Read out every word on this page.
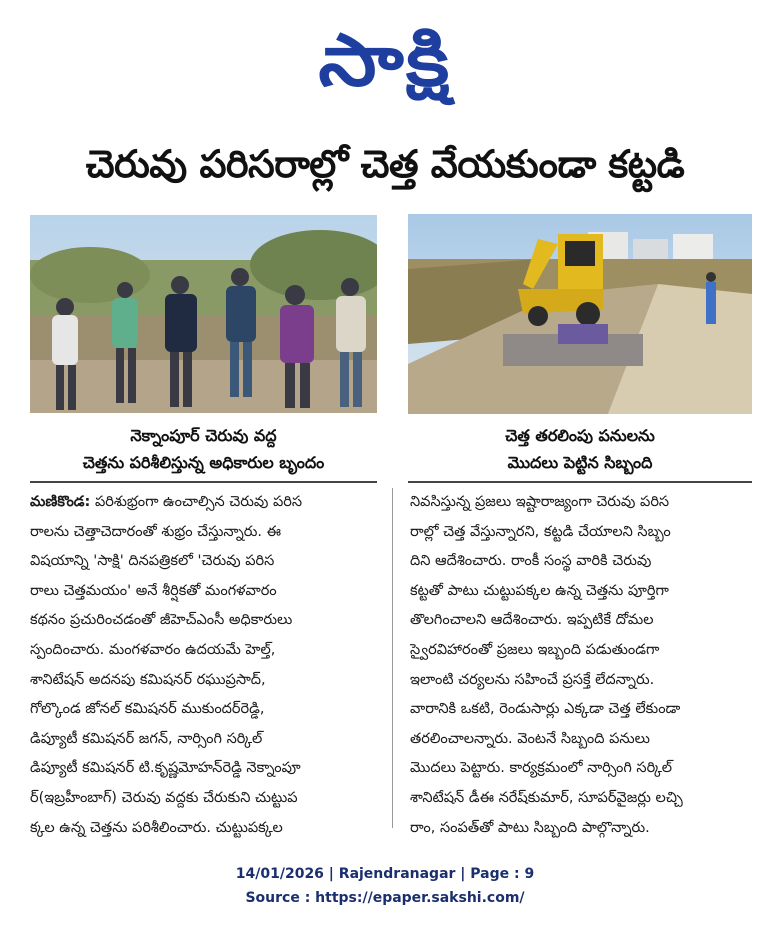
సాక్షి
చెరువు పరిసరాల్లో చెత్త వేయకుండా కట్టడి
నెక్నాంపూర్ చెరువు వద్ద
చెత్తను పరిశీలిస్తున్న అధికారుల బృందం
చెత్త తరలింపు పనులను
మొదలు పెట్టిన సిబ్బంది

మణికొండ: పరిశుభ్రంగా ఉంచాల్సిన చెరువు పరిస

రాలను చెత్తాచెదారంతో శుభ్రం చేస్తున్నారు. ఈ

విషయాన్ని 'సాక్షి' దినపత్రికలో 'చెరువు పరిస

రాలు చెత్తమయం' అనే శీర్షికతో మంగళవారం

కథనం ప్రచురించడంతో జీహెచ్ఎంసీ అధికారులు

స్పందించారు. మంగళవారం ఉదయమే హెల్త్,

శానిటేషన్ అదనపు కమిషనర్ రఘుప్రసాద్,

గోల్కొండ జోనల్ కమిషనర్ ముకుందర్‌రెడ్డి,

డిప్యూటీ కమిషనర్ జగన్, నార్సింగి సర్కిల్

డిప్యూటీ కమిషనర్ టి.కృష్ణమోహన్‌రెడ్డి నెక్నాంపూ

ర్(ఇబ్రహీంబాగ్) చెరువు వద్దకు చేరుకుని చుట్టుప

క్కల ఉన్న చెత్తను పరిశీలించారు. చుట్టుపక్కల

నివసిస్తున్న ప్రజలు ఇష్టారాజ్యంగా చెరువు పరిస

రాల్లో చెత్త వేస్తున్నారని, కట్టడి చేయాలని సిబ్బం

దిని ఆదేశించారు. రాంకీ సంస్థ వారికి చెరువు

కట్టతో పాటు చుట్టుపక్కల ఉన్న చెత్తను పూర్తిగా

తొలగించాలని ఆదేశించారు. ఇప్పటికే దోమల

స్వైరవిహారంతో ప్రజలు ఇబ్బంది పడుతుండగా

ఇలాంటి చర్యలను సహించే ప్రసక్తే లేదన్నారు.

వారానికి ఒకటి, రెండుసార్లు ఎక్కడా చెత్త లేకుండా

తరలించాలన్నారు. వెంటనే సిబ్బంది పనులు

మొదలు పెట్టారు. కార్యక్రమంలో నార్సింగి సర్కిల్

శానిటేషన్ డీఈ నరేష్‌కుమార్, సూపర్‌వైజర్లు లచ్చి

రాం, సంపత్‌తో పాటు సిబ్బంది పాల్గొన్నారు.

14/01/2026 | Rajendranagar | Page : 9
Source : https://epaper.sakshi.com/
